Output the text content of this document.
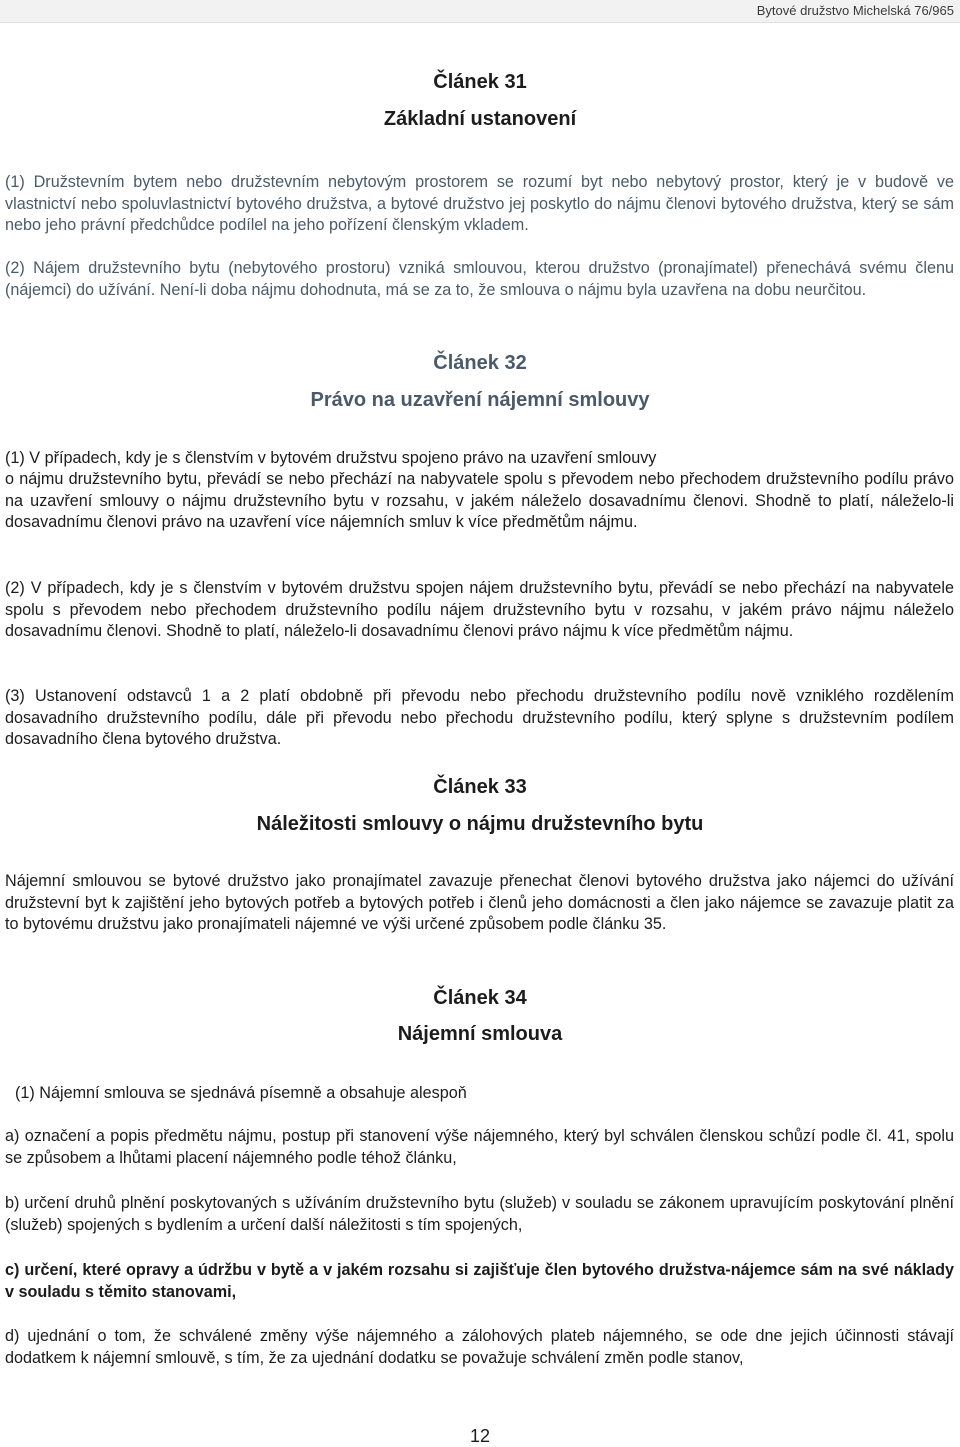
Bytové družstvo Michelská 76/965
Článek 31
Základní ustanovení

(1) Družstevním bytem nebo družstevním nebytovým prostorem se rozumí byt nebo nebytový prostor, který je v budově ve vlastnictví nebo spoluvlastnictví bytového družstva, a bytové družstvo jej poskytlo do nájmu členovi bytového družstva, který se sám nebo jeho právní předchůdce podílel na jeho pořízení členským vkladem.

(2) Nájem družstevního bytu (nebytového prostoru) vzniká smlouvou, kterou družstvo (pronajímatel) přenechává svému členu (nájemci) do užívání. Není-li doba nájmu dohodnuta, má se za to, že smlouva o nájmu byla uzavřena na dobu neurčitou.

Článek 32
Právo na uzavření nájemní smlouvy

(1) V případech, kdy je s členstvím v bytovém družstvu spojeno právo na uzavření smlouvy

o nájmu družstevního bytu, převádí se nebo přechází na nabyvatele spolu s převodem nebo přechodem družstevního podílu právo na uzavření smlouvy o nájmu družstevního bytu v rozsahu, v jakém náleželo dosavadnímu členovi. Shodně to platí, náleželo-li dosavadnímu členovi právo na uzavření více nájemních smluv k více předmětům nájmu.

(2) V případech, kdy je s členstvím v bytovém družstvu spojen nájem družstevního bytu, převádí se nebo přechází na nabyvatele spolu s převodem nebo přechodem družstevního podílu nájem družstevního bytu v rozsahu, v jakém právo nájmu náleželo dosavadnímu členovi. Shodně to platí, náleželo-li dosavadnímu členovi právo nájmu k více předmětům nájmu.

(3) Ustanovení odstavců 1 a 2 platí obdobně při převodu nebo přechodu družstevního podílu nově vzniklého rozdělením dosavadního družstevního podílu, dále při převodu nebo přechodu družstevního podílu, který splyne s družstevním podílem dosavadního člena bytového družstva.

Článek 33
Náležitosti smlouvy o nájmu družstevního bytu

Nájemní smlouvou se bytové družstvo jako pronajímatel zavazuje přenechat členovi bytového družstva jako nájemci do užívání družstevní byt k zajištění jeho bytových potřeb a bytových potřeb i členů jeho domácnosti a člen jako nájemce se zavazuje platit za to bytovému družstvu jako pronajímateli nájemné ve výši určené způsobem podle článku 35.

Článek 34
Nájemní smlouva

(1) Nájemní smlouva se sjednává písemně a obsahuje alespoň

a) označení a popis předmětu nájmu, postup při stanovení výše nájemného, který byl schválen členskou schůzí podle čl. 41, spolu se způsobem a lhůtami placení nájemného podle téhož článku,

b) určení druhů plnění poskytovaných s užíváním družstevního bytu (služeb) v souladu se zákonem upravujícím poskytování plnění (služeb) spojených s bydlením a určení další náležitosti s tím spojených,

c) určení, které opravy a údržbu v bytě a v jakém rozsahu si zajišťuje člen bytového družstva-nájemce sám na své náklady v souladu s těmito stanovami,

d) ujednání o tom, že schválené změny výše nájemného a zálohových plateb nájemného, se ode dne jejich účinnosti stávají dodatkem k nájemní smlouvě, s tím, že za ujednání dodatku se považuje schválení změn podle stanov,

12
